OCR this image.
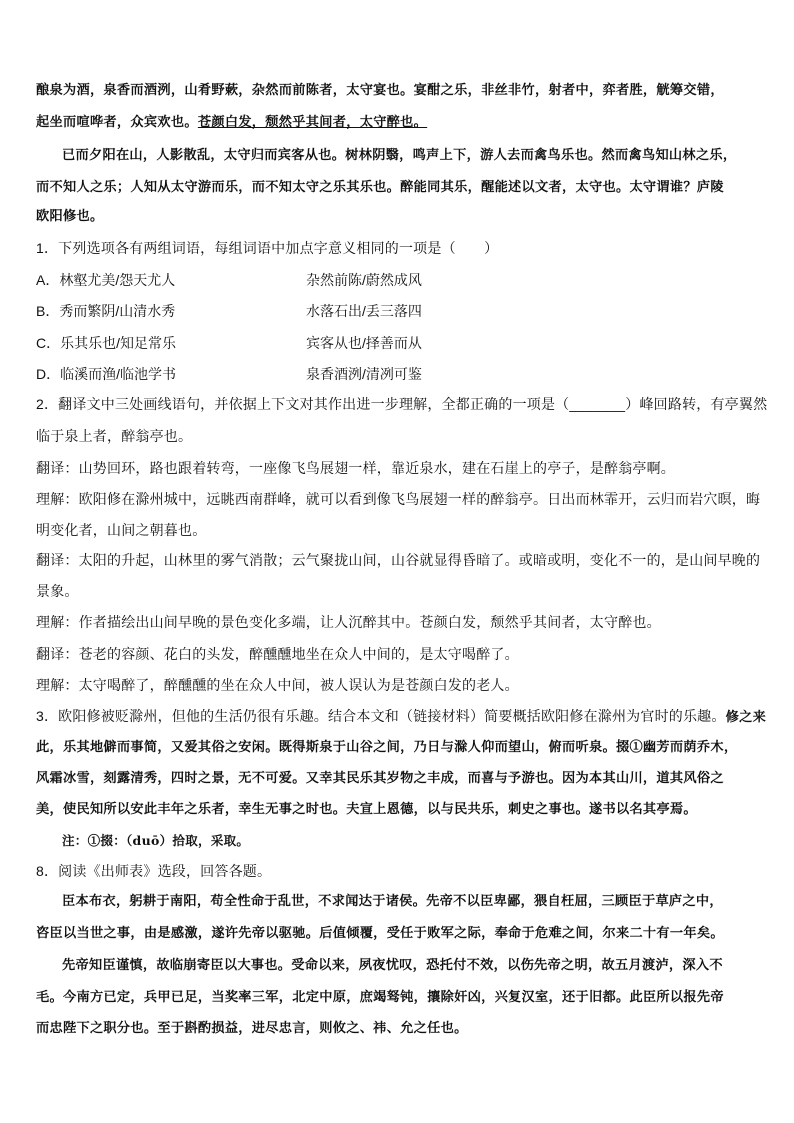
酿泉为酒，泉香而酒洌，山肴野蔌，杂然而前陈者，太守宴也。宴酣之乐，非丝非竹，射者中，弈者胜，觥筹交错，
起坐而喧哗者，众宾欢也。苍颜白发，颓然乎其间者，太守醉也。
已而夕阳在山，人影散乱，太守归而宾客从也。树林阴翳，鸣声上下，游人去而禽鸟乐也。然而禽鸟知山林之乐，
而不知人之乐；人知从太守游而乐，而不知太守之乐其乐也。醉能同其乐，醒能述以文者，太守也。太守谓谁？庐陵
欧阳修也。
1．下列选项各有两组词语，每组词语中加点字意义相同的一项是（　　）
A．林壑尤美/怨天尤人	杂然前陈/蔚然成风
B．秀而繁阴/山清水秀	水落石出/丢三落四
C．乐其乐也/知足常乐	宾客从也/择善而从
D．临溪而渔/临池学书	泉香酒洌/清冽可鉴
2．翻译文中三处画线语句，并依据上下文对其作出进一步理解，全都正确的一项是（_______）峰回路转，有亭翼然
临于泉上者，醉翁亭也。
翻译：山势回环，路也跟着转弯，一座像飞鸟展翅一样，靠近泉水，建在石崖上的亭子，是醉翁亭啊。
理解：欧阳修在滁州城中，远眺西南群峰，就可以看到像飞鸟展翅一样的醉翁亭。日出而林霏开，云归而岩穴暝，晦
明变化者，山间之朝暮也。
翻译：太阳的升起，山林里的雾气消散；云气聚拢山间，山谷就显得昏暗了。或暗或明，变化不一的，是山间早晚的
景象。
理解：作者描绘出山间早晚的景色变化多端，让人沉醉其中。苍颜白发，颓然乎其间者，太守醉也。
翻译：苍老的容颜、花白的头发，醉醺醺地坐在众人中间的，是太守喝醉了。
理解：太守喝醉了，醉醺醺的坐在众人中间，被人误认为是苍颜白发的老人。
3．欧阳修被贬滁州，但他的生活仍很有乐趣。结合本文和（链接材料）简要概括欧阳修在滁州为官时的乐趣。修之来
此，乐其地僻而事简，又爱其俗之安闲。既得斯泉于山谷之间，乃日与滁人仰而望山，俯而听泉。掇①幽芳而荫乔木，
风霜冰雪，刻露清秀，四时之景，无不可爱。又幸其民乐其岁物之丰成，而喜与予游也。因为本其山川，道其风俗之
美，使民知所以安此丰年之乐者，幸生无事之时也。夫宣上恩德，以与民共乐，刺史之事也。遂书以名其亭焉。
注：①掇：（duō）拾取，采取。
8．阅读《出师表》选段，回答各题。
臣本布衣，躬耕于南阳，苟全性命于乱世，不求闻达于诸侯。先帝不以臣卑鄙，猥自枉屈，三顾臣于草庐之中，
咨臣以当世之事，由是感激，遂许先帝以驱驰。后值倾覆，受任于败军之际，奉命于危难之间，尔来二十有一年矣。
先帝知臣谨慎，故临崩寄臣以大事也。受命以来，夙夜忧叹，恐托付不效，以伤先帝之明，故五月渡泸，深入不
毛。今南方已定，兵甲已足，当奖率三军，北定中原，庶竭驽钝，攘除奸凶，兴复汉室，还于旧都。此臣所以报先帝
而忠陛下之职分也。至于斟酌损益，进尽忠言，则攸之、祎、允之任也。
